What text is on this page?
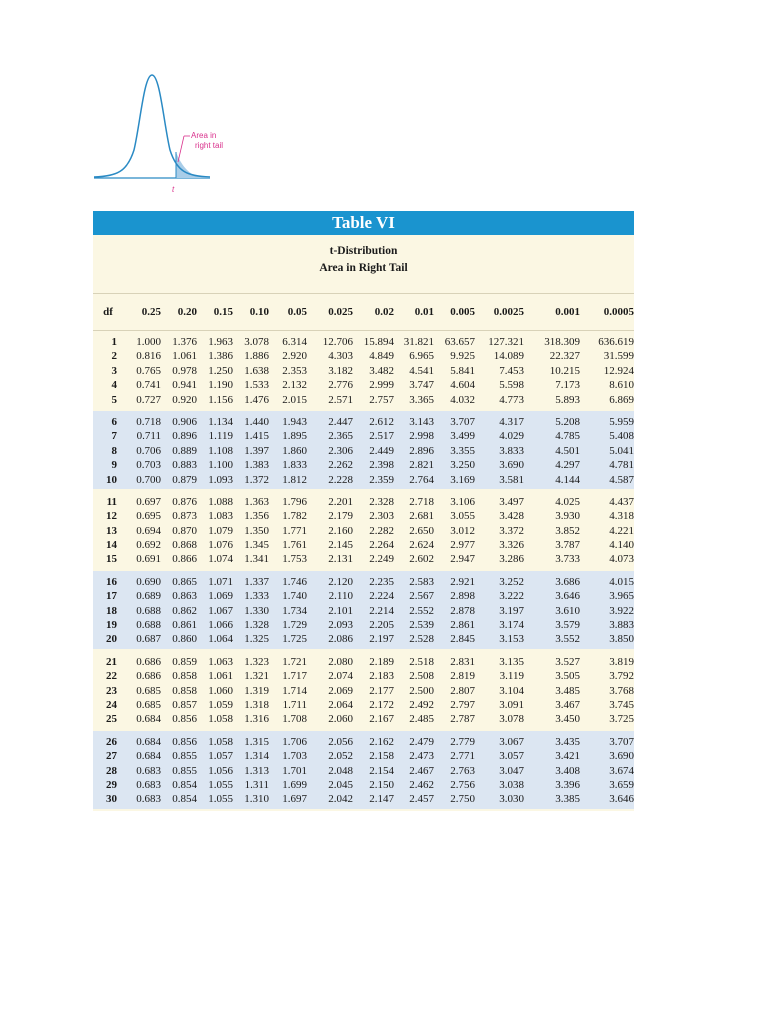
Area in
right tail
t
Table VI
t-Distribution
Area in Right Tail
df	0.25	0.20	0.15	0.10	0.05	0.025	0.02	0.01	0.005	0.0025	0.001	0.0005
1	1.000	1.376	1.963	3.078	6.314	12.706 15.894 31.821 63.657	127.321	318.309	636.619
2	0.816	1.061	1.386	1.886	2.920	4.303	4.849	6.965	9.925	14.089	22.327	31.599
3	0.765	0.978	1.250	1.638	2.353	3.182	3.482	4.541	5.841	7.453	10.215	12.924
4	0.741	0.941	1.190	1.533	2.132	2.776	2.999	3.747	4.604	5.598	7.173	8.610
5	0.727	0.920	1.156	1.476	2.015	2.571	2.757	3.365	4.032	4.773	5.893	6.869
6	0.718	0.906	1.134	1.440	1.943	2.447	2.612	3.143	3.707	4.317	5.208	5.959
7	0.711	0.896	1.119	1.415	1.895	2.365	2.517	2.998	3.499	4.029	4.785	5.408
8	0.706	0.889	1.108	1.397	1.860	2.306	2.449	2.896	3.355	3.833	4.501	5.041
9	0.703	0.883	1.100	1.383	1.833	2.262	2.398	2.821	3.250	3.690	4.297	4.781
10	0.700	0.879	1.093	1.372	1.812	2.228	2.359	2.764	3.169	3.581	4.144	4.587
11	0.697	0.876	1.088	1.363	1.796	2.201	2.328	2.718	3.106	3.497	4.025	4.437
12	0.695	0.873	1.083	1.356	1.782	2.179	2.303	2.681	3.055	3.428	3.930	4.318
13	0.694	0.870	1.079	1.350	1.771	2.160	2.282	2.650	3.012	3.372	3.852	4.221
14	0.692	0.868	1.076	1.345	1.761	2.145	2.264	2.624	2.977	3.326	3.787	4.140
15	0.691	0.866	1.074	1.341	1.753	2.131	2.249	2.602	2.947	3.286	3.733	4.073
16	0.690	0.865	1.071	1.337	1.746	2.120	2.235	2.583	2.921	3.252	3.686	4.015
17	0.689	0.863	1.069	1.333	1.740	2.110	2.224	2.567	2.898	3.222	3.646	3.965
18	0.688	0.862	1.067	1.330	1.734	2.101	2.214	2.552	2.878	3.197	3.610	3.922
19	0.688	0.861	1.066	1.328	1.729	2.093	2.205	2.539	2.861	3.174	3.579	3.883
20	0.687	0.860	1.064	1.325	1.725	2.086	2.197	2.528	2.845	3.153	3.552	3.850
21	0.686	0.859	1.063	1.323	1.721	2.080	2.189	2.518	2.831	3.135	3.527	3.819
22	0.686	0.858	1.061	1.321	1.717	2.074	2.183	2.508	2.819	3.119	3.505	3.792
23	0.685	0.858	1.060	1.319	1.714	2.069	2.177	2.500	2.807	3.104	3.485	3.768
24	0.685	0.857	1.059	1.318	1.711	2.064	2.172	2.492	2.797	3.091	3.467	3.745
25	0.684	0.856	1.058	1.316	1.708	2.060	2.167	2.485	2.787	3.078	3.450	3.725
26	0.684	0.856	1.058	1.315	1.706	2.056	2.162	2.479	2.779	3.067	3.435	3.707
27	0.684	0.855	1.057	1.314	1.703	2.052	2.158	2.473	2.771	3.057	3.421	3.690
28	0.683	0.855	1.056	1.313	1.701	2.048	2.154	2.467	2.763	3.047	3.408	3.674
29	0.683	0.854	1.055	1.311	1.699	2.045	2.150	2.462	2.756	3.038	3.396	3.659
30	0.683	0.854	1.055	1.310	1.697	2.042	2.147	2.457	2.750	3.030	3.385	3.646
